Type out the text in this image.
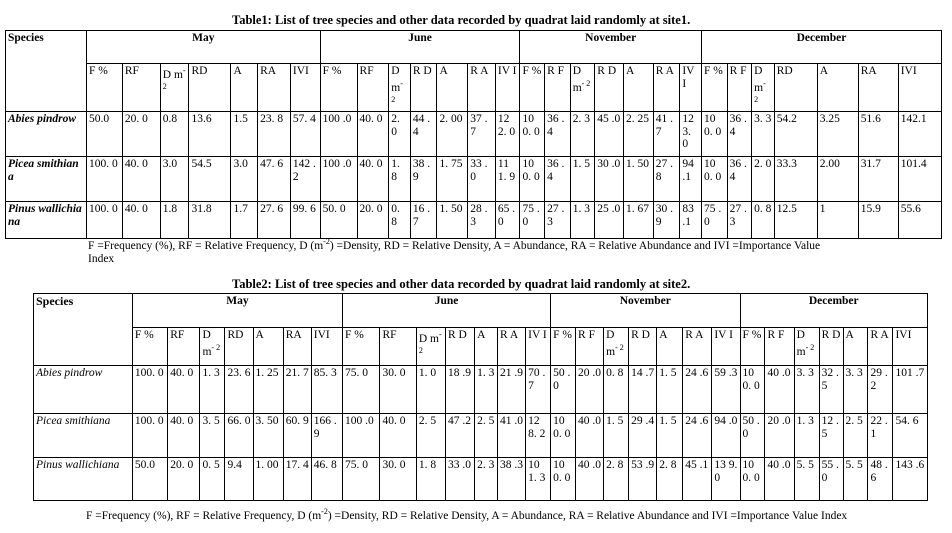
Table1: List of tree species and other data recorded by quadrat laid randomly at site1.
Species	May							June							November							December						
	F %	RF	D $m^{-2}$	RD	A	RA	IVI	F %	RF	D $m^{- 2}$	R D	A	R A	IV I	F %	R F	D $m^{- 2}$	R D	A	R A	IV I	F %	R F	D $m^{- 2}$	RD	A	RA	IVI
Abies pindrow	50.0	20. 0	0.8	13.6	1.5	23. 8	57. 4	100 .0	40. 0	2. 0	44 .4	2. 00	37 .7	12 2. 0	10 0. 0	36 .4	2. 3	45 .0	2. 25	41 .7	12 3. 0	10 0. 0	36 .4	3. 3	54.2	3.25	51.6	142.1
Picea smithiana	100. 0	40. 0	3.0	54.5	3.0	47. 6	142 .2	100 .0	40. 0	1. 8	38 .9	1. 75	33 .0	11 1. 9	10 0. 0	36 .4	1. 5	30 .0	1. 50	27 .8	94 .1	10 0. 0	36 .4	2. 0	33.3	2.00	31.7	101.4
Pinus wallichiana	100. 0	40. 0	1.8	31.8	1.7	27. 6	99. 6	50. 0	20. 0	0. 8	16 .7	1. 50	28 .3	65 .0	75 .0	27 .3	1. 3	25 .0	1. 67	30 .9	83 .1	75 .0	27 .3	0. 8	12.5	1	15.9	55.6
F =Frequency (%), RF = Relative Frequency, D $(m^{-2})$ =Density, RD = Relative Density, A = Abundance, RA = Relative Abundance and IVI =Importance Value Index
Table2: List of tree species and other data recorded by quadrat laid randomly at site2.
Species	May							June							November							December						
	F %	RF	D $m^{- 2}$	RD	A	RA	IVI	F %	RF	D $m^{- 2}$	R D	A	R A	IV I	F %	R F	D $m^{- 2}$	R D	A	R A	IV I	F %	R F	D $m^{- 2}$	R D	A	R A	IVI
Abies pindrow	100. 0	40. 0	1. 3	23. 6	1. 25	21. 7	85. 3	75. 0	30. 0	1. 0	18 .9	1. 3	21 .9	70 .7	50 .0	20 .0	0. 8	14 .7	1. 5	24 .6	59 .3	10 0. 0	40 .0	3. 3	32 .5	3. 3	29 .2	101 .7
Picea smithiana	100. 0	40. 0	3. 5	66. 0	3. 50	60. 9	166 .9	100 .0	40. 0	2. 5	47 .2	2. 5	41 .0	12 8. 2	10 0. 0	40 .0	1. 5	29 .4	1. 5	24 .6	94 .0	50 .0	20 .0	1. 3	12 .5	2. 5	22 .1	54. 6
Pinus wallichiana	50.0	20. 0	0. 5	9.4	1. 00	17. 4	46. 8	75. 0	30. 0	1. 8	33 .0	2. 3	38 .3	10 1. 3	10 0. 0	40 .0	2. 8	53 .9	2. 8	45 .1	13 9. 0	10 0. 0	40 .0	5. 5	55 .0	5. 5	48 .6	143 .6
F =Frequency (%), RF = Relative Frequency, D $(m^{-2})$ =Density, RD = Relative Density, A = Abundance, RA = Relative Abundance and IVI =Importance Value Index
